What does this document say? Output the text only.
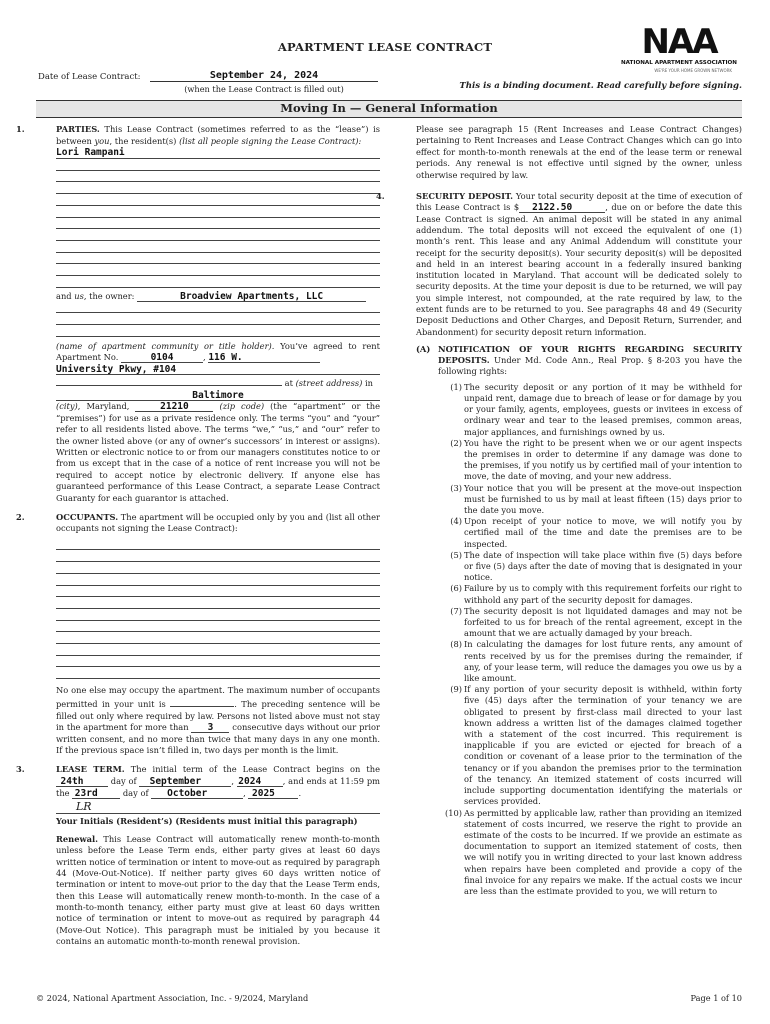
APARTMENT LEASE CONTRACT	NAA
NATIONAL APARTMENT ASSOCIATION
WE'RE YOUR HOME GROWN NETWORK
Date of Lease Contract:	September 24, 2024
(when the Lease Contract is filled out)	This is a binding document. Read carefully before signing.
Moving In — General Information
1.	PARTIES. This Lease Contract (sometimes referred to as the “lease”) is between you, the resident(s) (list all people signing the Lease Contract):
Lori Rampani
and us, the owner:	Broadview Apartments, LLC
(name of apartment community or title holder). You’ve agreed to rent Apartment No.	0104	, 116 W.
University Pkwy, #104
at (street address) in
Baltimore
(city), Maryland,	21210	(zip code) (the “apartment” or the “premises”) for use as a private residence only. The terms “you” and “your” refer to all residents listed above. The terms “we,” “us,” and “our” refer to the owner listed above (or any of owner’s successors’ in interest or assigns). Written or electronic notice to or from our managers constitutes notice to or from us except that in the case of a notice of rent increase you will not be required to accept notice by electronic delivery. If anyone else has guaranteed performance of this Lease Contract, a separate Lease Contract Guaranty for each guarantor is attached.
2.	OCCUPANTS. The apartment will be occupied only by you and (list all other occupants not signing the Lease Contract):
No one else may occupy the apartment. The maximum number of occupants permitted in your unit is	. The preceding sentence will be filled out only where required by law. Persons not listed above must not stay in the apartment for more than 3 consecutive days without our prior written consent, and no more than twice that many days in any one month. If the previous space isn’t filled in, two days per month is the limit.
3.	LEASE TERM. The initial term of the Lease Contract begins on the 24th	day of September	, 2024	, and ends at 11:59 pm the 23rd	day of October	, 2025	.
LR
Your Initials (Resident’s) (Residents must initial this paragraph)
Renewal. This Lease Contract will automatically renew month-to-month unless before the Lease Term ends, either party gives at least 60 days written notice of termination or intent to move-out as required by paragraph 44 (Move-Out-Notice). If neither party gives 60 days written notice of termination or intent to move-out prior to the day that the Lease Term ends, then this Lease will automatically renew month-to-month. In the case of a month-to-month tenancy, either party must give at least 60 days written notice of termination or intent to move-out as required by paragraph 44 (Move-Out Notice). This paragraph must be initialed by you because it contains an automatic month-to-month renewal provision.
Please see paragraph 15 (Rent Increases and Lease Contract Changes) pertaining to Rent Increases and Lease Contract Changes which can go into effect for month-to-month renewals at the end of the lease term or renewal periods. Any renewal is not effective until signed by the owner, unless otherwise required by law.
4.	SECURITY DEPOSIT. Your total security deposit at the time of execution of this Lease Contract is $ 2122.50	, due on or before the date this Lease Contract is signed. An animal deposit will be stated in any animal addendum. The total deposits will not exceed the equivalent of one (1) month’s rent. This lease and any Animal Addendum will constitute your receipt for the security deposit(s). Your security deposit(s) will be deposited and held in an interest bearing account in a federally insured banking institution located in Maryland. That account will be dedicated solely to security deposits. At the time your deposit is due to be returned, we will pay you simple interest, not compounded, at the rate required by law, to the extent funds are to be returned to you. See paragraphs 48 and 49 (Security Deposit Deductions and Other Charges, and Deposit Return, Surrender, and Abandonment) for security deposit return information.
(A) NOTIFICATION OF YOUR RIGHTS REGARDING SECURITY DEPOSITS. Under Md. Code Ann., Real Prop. § 8-203 you have the following rights:
(1) The security deposit or any portion of it may be withheld for unpaid rent, damage due to breach of lease or for damage by you or your family, agents, employees, guests or invitees in excess of ordinary wear and tear to the leased premises, common areas, major appliances, and furnishings owned by us.
(2) You have the right to be present when we or our agent inspects the premises in order to determine if any damage was done to the premises, if you notify us by certified mail of your intention to move, the date of moving, and your new address.
(3) Your notice that you will be present at the move-out inspection must be furnished to us by mail at least fifteen (15) days prior to the date you move.
(4) Upon receipt of your notice to move, we will notify you by certified mail of the time and date the premises are to be inspected.
(5) The date of inspection will take place within five (5) days before or five (5) days after the date of moving that is designated in your notice.
(6) Failure by us to comply with this requirement forfeits our right to withhold any part of the security deposit for damages.
(7) The security deposit is not liquidated damages and may not be forfeited to us for breach of the rental agreement, except in the amount that we are actually damaged by your breach.
(8) In calculating the damages for lost future rents, any amount of rents received by us for the premises during the remainder, if any, of your lease term, will reduce the damages you owe us by a like amount.
(9) If any portion of your security deposit is withheld, within forty five (45) days after the termination of your tenancy we are obligated to present by first-class mail directed to your last known address a written list of the damages claimed together with a statement of the cost incurred. This requirement is inapplicable if you are evicted or ejected for breach of a condition or covenant of a lease prior to the termination of the tenancy or if you abandon the premises prior to the termination of the tenancy. An itemized statement of costs incurred will include supporting documentation identifying the materials or services provided.
(10) As permitted by applicable law, rather than providing an itemized statement of costs incurred, we reserve the right to provide an estimate of the costs to be incurred. If we provide an estimate as documentation to support an itemized statement of costs, then we will notify you in writing directed to your last known address when repairs have been completed and provide a copy of the final invoice for any repairs we make. If the actual costs we incur are less than the estimate provided to you, we will return to
© 2024, National Apartment Association, Inc. - 9/2024, Maryland	Page 1 of 10
